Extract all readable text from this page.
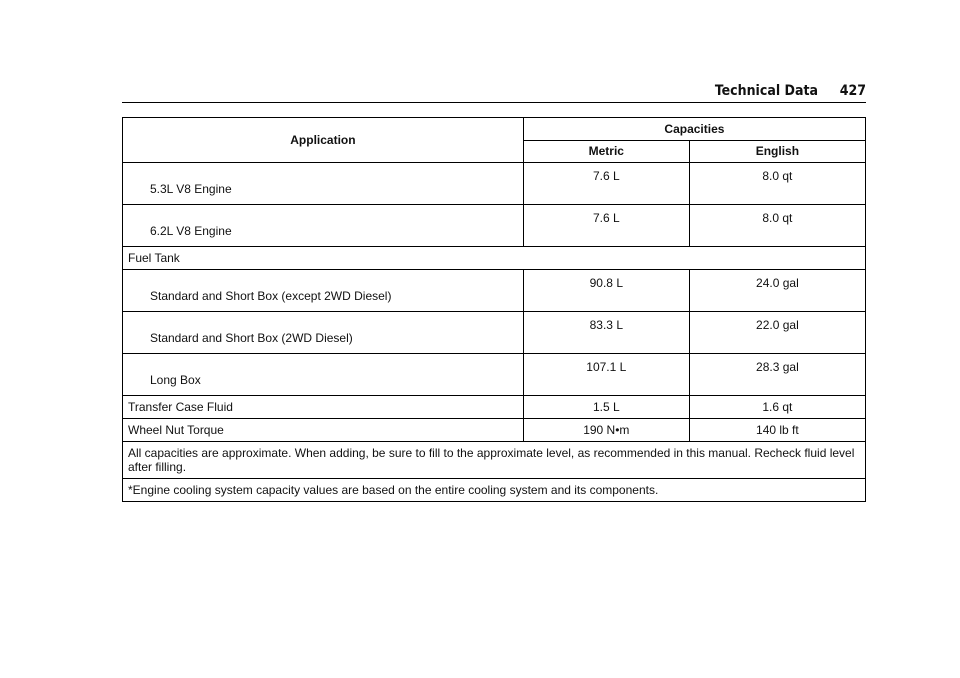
Technical Data 427
Application	Capacities	
	Metric	English

5.3L V8 Engine	7.6 L	8.0 qt

6.2L V8 Engine	7.6 L	8.0 qt

Fuel Tank		

Standard and Short Box (except 2WD Diesel)	90.8 L	24.0 gal

Standard and Short Box (2WD Diesel)	83.3 L	22.0 gal

Long Box	107.1 L	28.3 gal

Transfer Case Fluid	1.5 L	1.6 qt
Wheel Nut Torque	190 N•m	140 lb ft
All capacities are approximate. When adding, be sure to fill to the approximate level, as recommended in this manual. Recheck fluid level after filling.		
*Engine cooling system capacity values are based on the entire cooling system and its components.		
